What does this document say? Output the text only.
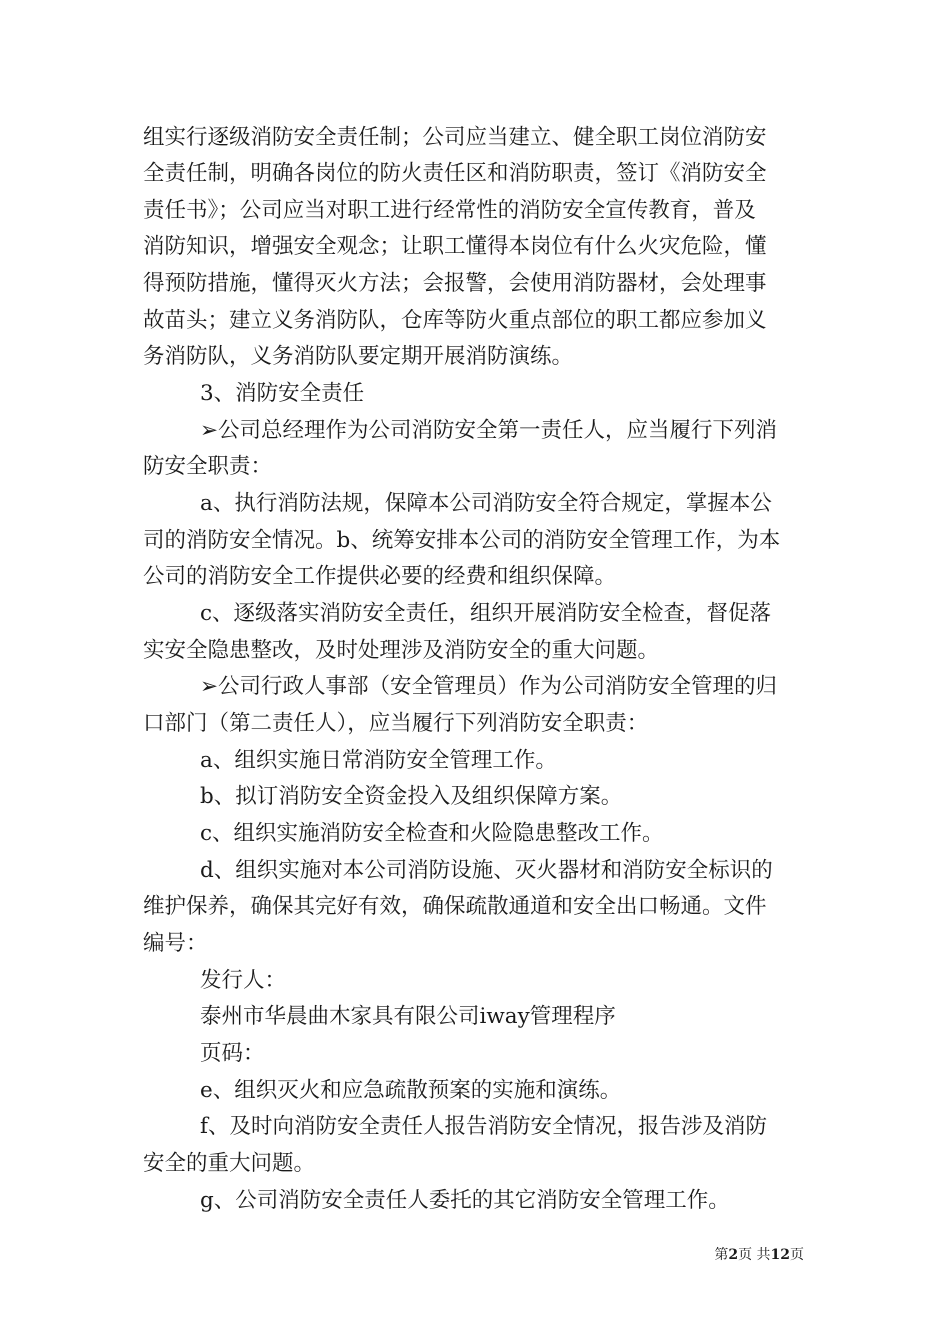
组实行逐级消防安全责任制；公司应当建立、健全职工岗位消防安
全责任制，明确各岗位的防火责任区和消防职责，签订《消防安全
责任书》；公司应当对职工进行经常性的消防安全宣传教育，普及
消防知识，增强安全观念；让职工懂得本岗位有什么火灾危险，懂
得预防措施，懂得灭火方法；会报警，会使用消防器材，会处理事
故苗头；建立义务消防队，仓库等防火重点部位的职工都应参加义
务消防队，义务消防队要定期开展消防演练。
3、消防安全责任
➢公司总经理作为公司消防安全第一责任人，应当履行下列消
防安全职责：
a、执行消防法规，保障本公司消防安全符合规定，掌握本公
司的消防安全情况。b、统筹安排本公司的消防安全管理工作，为本
公司的消防安全工作提供必要的经费和组织保障。
c、逐级落实消防安全责任，组织开展消防安全检查，督促落
实安全隐患整改，及时处理涉及消防安全的重大问题。
➢公司行政人事部（安全管理员）作为公司消防安全管理的归
口部门（第二责任人），应当履行下列消防安全职责：
a、组织实施日常消防安全管理工作。
b、拟订消防安全资金投入及组织保障方案。
c、组织实施消防安全检查和火险隐患整改工作。
d、组织实施对本公司消防设施、灭火器材和消防安全标识的
维护保养，确保其完好有效，确保疏散通道和安全出口畅通。文件
编号：
发行人：
泰州市华晨曲木家具有限公司iway管理程序
页码：
e、组织灭火和应急疏散预案的实施和演练。
f、及时向消防安全责任人报告消防安全情况，报告涉及消防
安全的重大问题。
g、公司消防安全责任人委托的其它消防安全管理工作。
第2页 共12页
